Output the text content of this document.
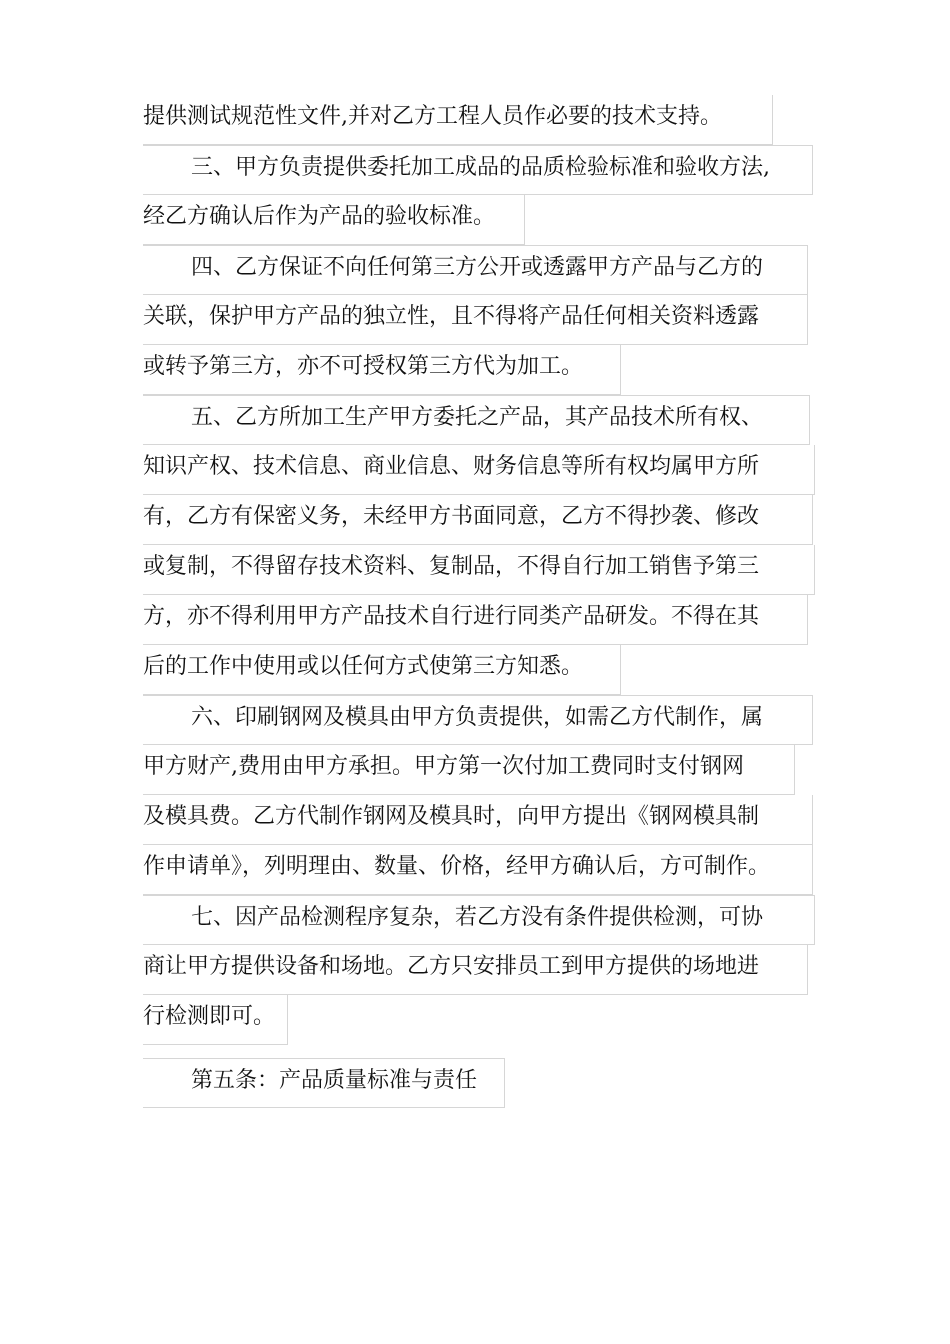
提供测试规范性文件,并对乙方工程人员作必要的技术支持。
三、甲方负责提供委托加工成品的品质检验标准和验收方法,
经乙方确认后作为产品的验收标准。
四、乙方保证不向任何第三方公开或透露甲方产品与乙方的
关联，保护甲方产品的独立性，且不得将产品任何相关资料透露
或转予第三方，亦不可授权第三方代为加工。
五、乙方所加工生产甲方委托之产品，其产品技术所有权、
知识产权、技术信息、商业信息、财务信息等所有权均属甲方所
有，乙方有保密义务，未经甲方书面同意，乙方不得抄袭、修改
或复制，不得留存技术资料、复制品，不得自行加工销售予第三
方，亦不得利用甲方产品技术自行进行同类产品研发。不得在其
后的工作中使用或以任何方式使第三方知悉。
六、印刷钢网及模具由甲方负责提供，如需乙方代制作，属
甲方财产,费用由甲方承担。甲方第一次付加工费同时支付钢网
及模具费。乙方代制作钢网及模具时，向甲方提出《钢网模具制
作申请单》，列明理由、数量、价格，经甲方确认后，方可制作。
七、因产品检测程序复杂，若乙方没有条件提供检测，可协
商让甲方提供设备和场地。乙方只安排员工到甲方提供的场地进
行检测即可。
第五条：产品质量标准与责任
